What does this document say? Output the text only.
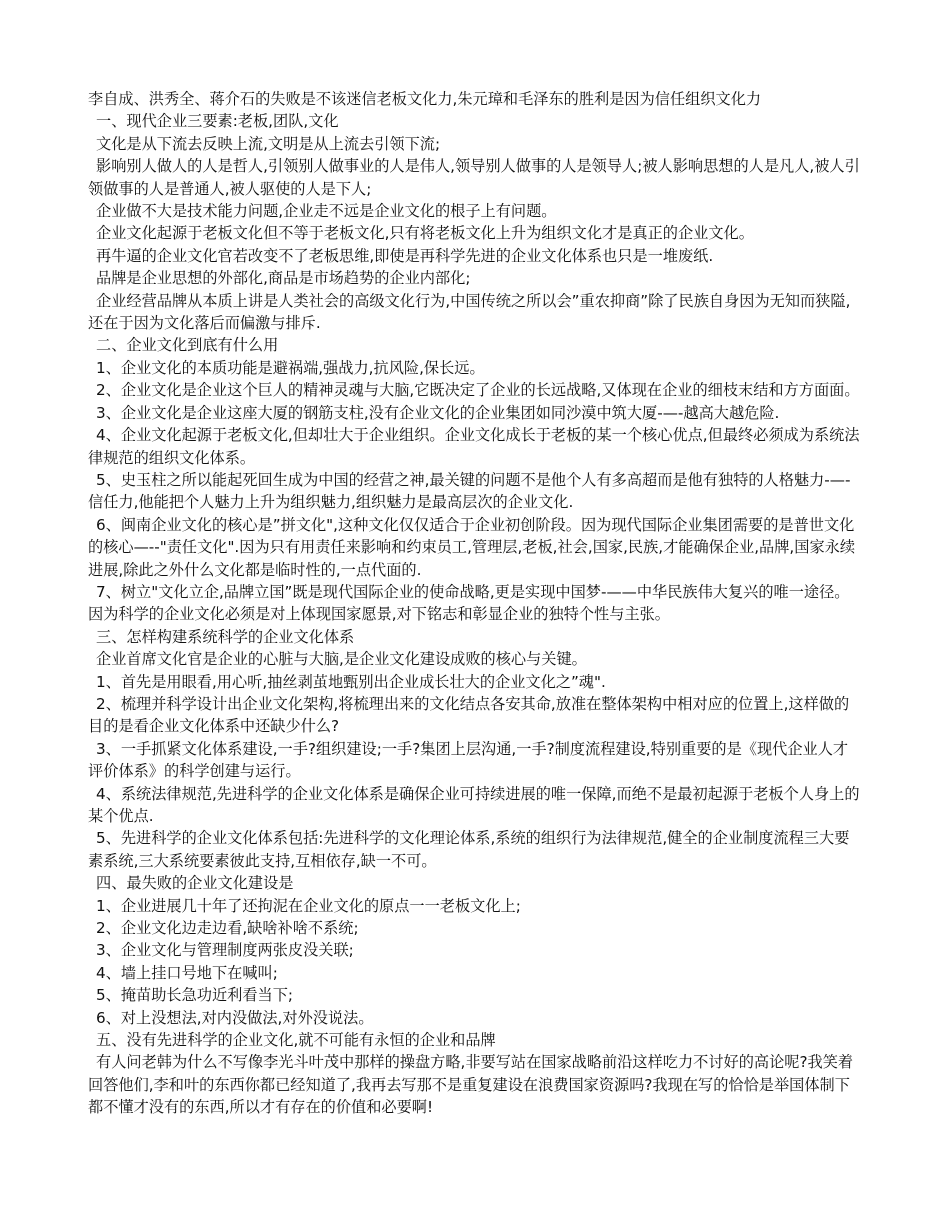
李自成、洪秀全、蒋介石的失败是不该迷信老板文化力,朱元璋和毛泽东的胜利是因为信任组织文化力

一、现代企业三要素:老板,团队,文化

文化是从下流去反映上流,文明是从上流去引领下流;

影响别人做人的人是哲人,引领别人做事业的人是伟人,领导别人做事的人是领导人;被人影响思想的人是凡人,被人引领做事的人是普通人,被人驱使的人是下人;

企业做不大是技术能力问题,企业走不远是企业文化的根子上有问题。

企业文化起源于老板文化但不等于老板文化,只有将老板文化上升为组织文化才是真正的企业文化。

再牛逼的企业文化官若改变不了老板思维,即使是再科学先进的企业文化体系也只是一堆废纸.

品牌是企业思想的外部化,商品是市场趋势的企业内部化;

企业经营品牌从本质上讲是人类社会的高级文化行为,中国传统之所以会”重农抑商”除了民族自身因为无知而狭隘,还在于因为文化落后而偏激与排斥.

二、企业文化到底有什么用

1、企业文化的本质功能是避祸端,强战力,抗风险,保长远。

2、企业文化是企业这个巨人的精神灵魂与大脑,它既决定了企业的长远战略,又体现在企业的细枝末结和方方面面。

3、企业文化是企业这座大厦的钢筋支柱,没有企业文化的企业集团如同沙漠中筑大厦-—-越高大越危险.

4、企业文化起源于老板文化,但却壮大于企业组织。企业文化成长于老板的某一个核心优点,但最终必须成为系统法律规范的组织文化体系。

5、史玉柱之所以能起死回生成为中国的经营之神,最关键的问题不是他个人有多高超而是他有独特的人格魅力-—-信任力,他能把个人魅力上升为组织魅力,组织魅力是最高层次的企业文化.

6、闽南企业文化的核心是”拼文化",这种文化仅仅适合于企业初创阶段。因为现代国际企业集团需要的是普世文化的核心—--"责任文化".因为只有用责任来影响和约束员工,管理层,老板,社会,国家,民族,才能确保企业,品牌,国家永续进展,除此之外什么文化都是临时性的,一点代面的.

7、树立"文化立企,品牌立国”既是现代国际企业的使命战略,更是实现中国梦-——中华民族伟大复兴的唯一途径。因为科学的企业文化必须是对上体现国家愿景,对下铭志和彰显企业的独特个性与主张。

三、怎样构建系统科学的企业文化体系

企业首席文化官是企业的心脏与大脑,是企业文化建设成败的核心与关键。

1、首先是用眼看,用心听,抽丝剥茧地甄别出企业成长壮大的企业文化之”魂".

2、梳理并科学设计出企业文化架构,将梳理出来的文化结点各安其命,放准在整体架构中相对应的位置上,这样做的目的是看企业文化体系中还缺少什么?

3、一手抓紧文化体系建设,一手?组织建设;一手?集团上层沟通,一手?制度流程建设,特别重要的是《现代企业人才评价体系》的科学创建与运行。

4、系统法律规范,先进科学的企业文化体系是确保企业可持续进展的唯一保障,而绝不是最初起源于老板个人身上的某个优点.

5、先进科学的企业文化体系包括:先进科学的文化理论体系,系统的组织行为法律规范,健全的企业制度流程三大要素系统,三大系统要素彼此支持,互相依存,缺一不可。

四、最失败的企业文化建设是

1、企业进展几十年了还拘泥在企业文化的原点一一老板文化上;

2、企业文化边走边看,缺啥补啥不系统;

3、企业文化与管理制度两张皮没关联;

4、墙上挂口号地下在喊叫;

5、掩苗助长急功近利看当下;

6、对上没想法,对内没做法,对外没说法。

五、没有先进科学的企业文化,就不可能有永恒的企业和品牌

有人问老韩为什么不写像李光斗叶茂中那样的操盘方略,非要写站在国家战略前沿这样吃力不讨好的高论呢?我笑着回答他们,李和叶的东西你都已经知道了,我再去写那不是重复建设在浪费国家资源吗?我现在写的恰恰是举国体制下都不懂才没有的东西,所以才有存在的价值和必要啊!
